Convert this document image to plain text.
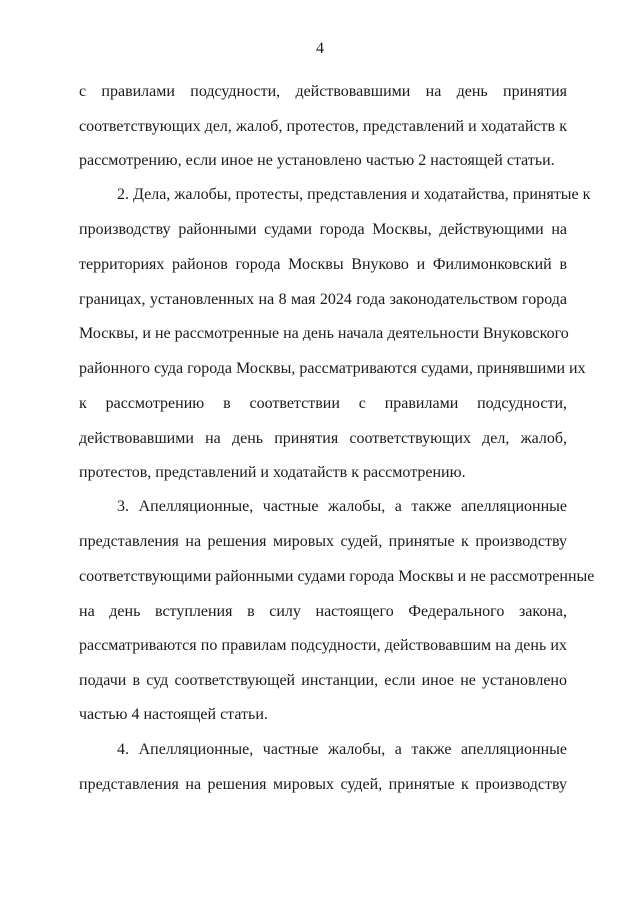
4
с правилами подсудности, действовавшими на день принятия
соответствующих дел, жалоб, протестов, представлений и ходатайств к
рассмотрению, если иное не установлено частью 2 настоящей статьи.
2. Дела, жалобы, протесты, представления и ходатайства, принятые к
производству районными судами города Москвы, действующими на
территориях районов города Москвы Внуково и Филимонковский в
границах, установленных на 8 мая 2024 года законодательством города
Москвы, и не рассмотренные на день начала деятельности Внуковского
районного суда города Москвы, рассматриваются судами, принявшими их
к рассмотрению в соответствии с правилами подсудности,
действовавшими на день принятия соответствующих дел, жалоб,
протестов, представлений и ходатайств к рассмотрению.
3. Апелляционные, частные жалобы, а также апелляционные
представления на решения мировых судей, принятые к производству
соответствующими районными судами города Москвы и не рассмотренные
на день вступления в силу настоящего Федерального закона,
рассматриваются по правилам подсудности, действовавшим на день их
подачи в суд соответствующей инстанции, если иное не установлено
частью 4 настоящей статьи.
4. Апелляционные, частные жалобы, а также апелляционные
представления на решения мировых судей, принятые к производству
